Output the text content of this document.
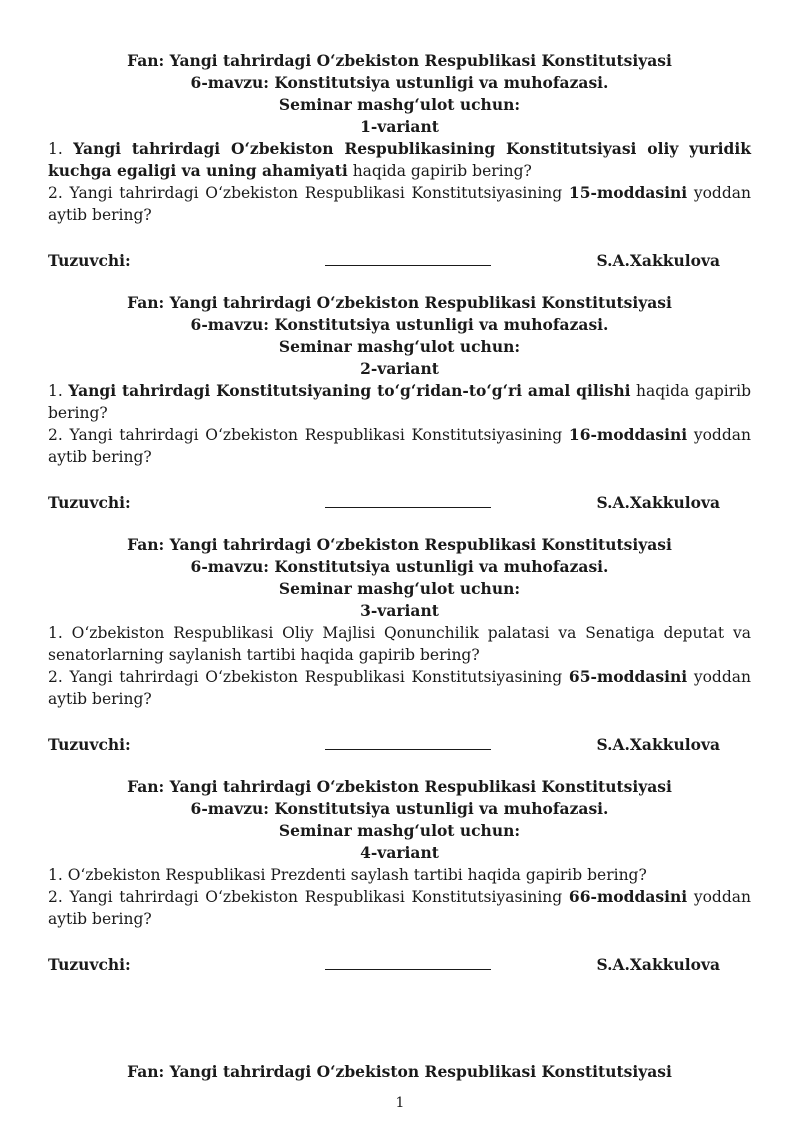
Fan: Yangi tahrirdagi O‘zbekiston Respublikasi Konstitutsiyasi
6-mavzu: Konstitutsiya ustunligi va muhofazasi.
Seminar mashg‘ulot uchun:
1-variant
1. Yangi tahrirdagi O‘zbekiston Respublikasining Konstitutsiyasi oliy yuridik kuchga egaligi va uning ahamiyati haqida gapirib bering?
2. Yangi tahrirdagi O‘zbekiston Respublikasi Konstitutsiyasining 15-moddasini yoddan aytib bering?
Tuzuvchi:	S.A.Xakkulova
Fan: Yangi tahrirdagi O‘zbekiston Respublikasi Konstitutsiyasi
6-mavzu: Konstitutsiya ustunligi va muhofazasi.
Seminar mashg‘ulot uchun:
2-variant
1. Yangi tahrirdagi Konstitutsiyaning to‘g‘ridan-to‘g‘ri amal qilishi haqida gapirib bering?
2. Yangi tahrirdagi O‘zbekiston Respublikasi Konstitutsiyasining 16-moddasini yoddan aytib bering?
Tuzuvchi:	S.A.Xakkulova
Fan: Yangi tahrirdagi O‘zbekiston Respublikasi Konstitutsiyasi
6-mavzu: Konstitutsiya ustunligi va muhofazasi.
Seminar mashg‘ulot uchun:
3-variant
1. O‘zbekiston Respublikasi Oliy Majlisi Qonunchilik palatasi va Senatiga deputat va senatorlarning saylanish tartibi haqida gapirib bering?
2. Yangi tahrirdagi O‘zbekiston Respublikasi Konstitutsiyasining 65-moddasini yoddan aytib bering?
Tuzuvchi:	S.A.Xakkulova
Fan: Yangi tahrirdagi O‘zbekiston Respublikasi Konstitutsiyasi
6-mavzu: Konstitutsiya ustunligi va muhofazasi.
Seminar mashg‘ulot uchun:
4-variant
1. O‘zbekiston Respublikasi Prezdenti saylash tartibi haqida gapirib bering?
2. Yangi tahrirdagi O‘zbekiston Respublikasi Konstitutsiyasining 66-moddasini yoddan aytib bering?
Tuzuvchi:	S.A.Xakkulova
Fan: Yangi tahrirdagi O‘zbekiston Respublikasi Konstitutsiyasi
1
